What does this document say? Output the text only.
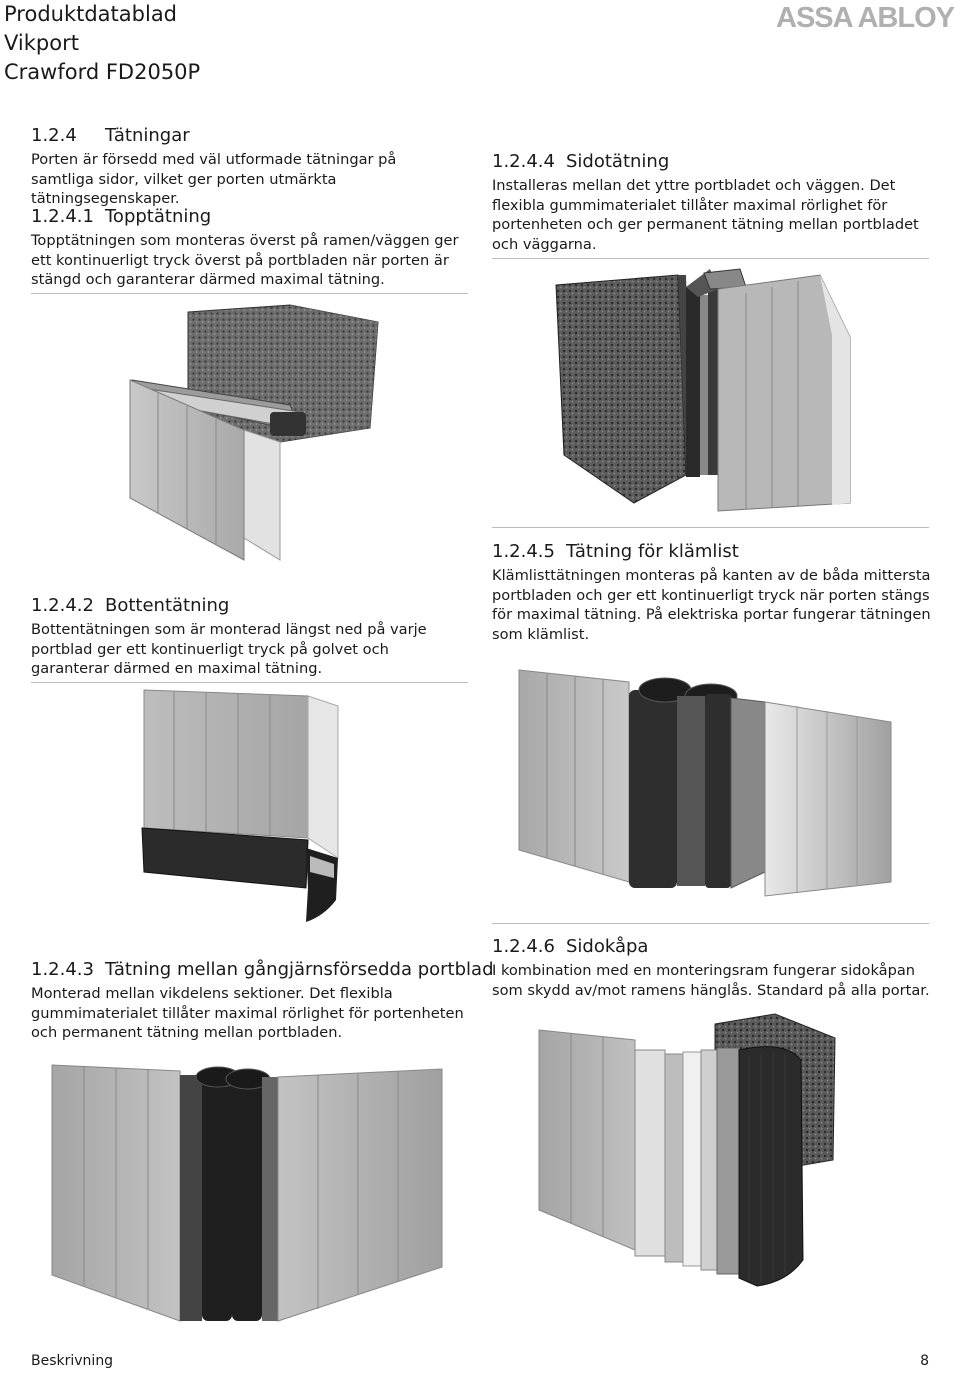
Produktdatablad
Vikport
Crawford FD2050P
ASSA ABLOY
1.2.4 Tätningar

Porten är försedd med väl utformade tätningar på samtliga sidor, vilket ger porten utmärkta tätningsegenskaper.

1.2.4.1 Topptätning

Topptätningen som monteras överst på ramen/väggen ger ett kontinuerligt tryck överst på portbladen när porten är stängd och garanterar därmed maximal tätning.

1.2.4.4 Sidotätning

Installeras mellan det yttre portbladet och väggen. Det flexibla gummimaterialet tillåter maximal rörlighet för portenheten och ger permanent tätning mellan portbladet och väggarna.

1.2.4.2 Bottentätning

Bottentätningen som är monterad längst ned på varje portblad ger ett kontinuerligt tryck på golvet och garanterar därmed en maximal tätning.

1.2.4.5 Tätning för klämlist

Klämlisttätningen monteras på kanten av de båda mittersta portbladen och ger ett kontinuerligt tryck när porten stängs för maximal tätning. På elektriska portar fungerar tätningen som klämlist.

1.2.4.3 Tätning mellan gångjärnsförsedda portblad

Monterad mellan vikdelens sektioner. Det flexibla gummimaterialet tillåter maximal rörlighet för portenheten och permanent tätning mellan portbladen.

1.2.4.6 Sidokåpa

I kombination med en monteringsram fungerar sidokåpan som skydd av/mot ramens hänglås. Standard på alla portar.

Beskrivning	8
